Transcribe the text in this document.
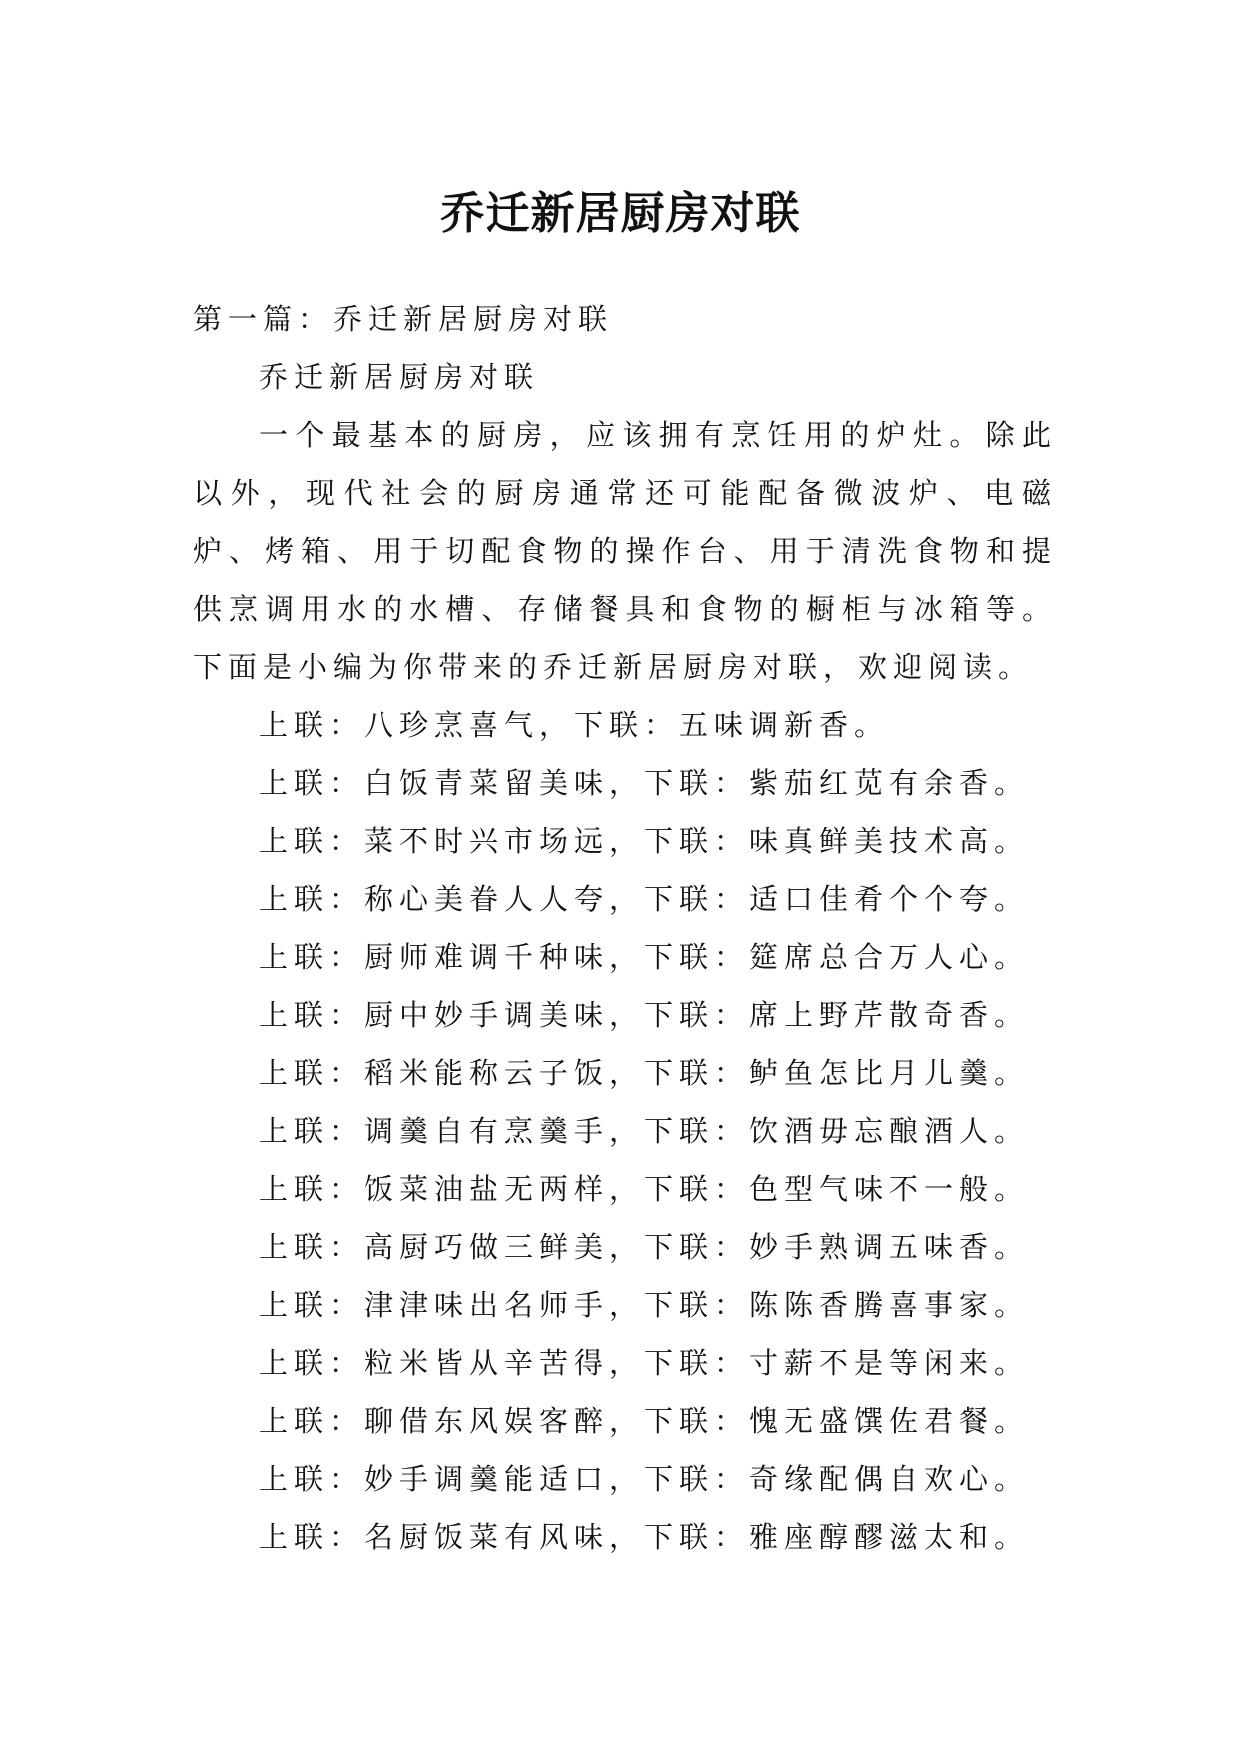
乔迁新居厨房对联

第一篇：乔迁新居厨房对联

乔迁新居厨房对联

一个最基本的厨房，应该拥有烹饪用的炉灶。除此以外，现代社会的厨房通常还可能配备微波炉、电磁炉、烤箱、用于切配食物的操作台、用于清洗食物和提供烹调用水的水槽、存储餐具和食物的橱柜与冰箱等。下面是小编为你带来的乔迁新居厨房对联，欢迎阅读。

上联：八珍烹喜气，下联：五味调新香。
上联：白饭青菜留美味，下联：紫茄红苋有余香。
上联：菜不时兴市场远，下联：味真鲜美技术高。
上联：称心美眷人人夸，下联：适口佳肴个个夸。
上联：厨师难调千种味，下联：筵席总合万人心。
上联：厨中妙手调美味，下联：席上野芹散奇香。
上联：稻米能称云子饭，下联：鲈鱼怎比月儿羹。
上联：调羹自有烹羹手，下联：饮酒毋忘酿酒人。
上联：饭菜油盐无两样，下联：色型气味不一般。
上联：高厨巧做三鲜美，下联：妙手熟调五味香。
上联：津津味出名师手，下联：陈陈香腾喜事家。
上联：粒米皆从辛苦得，下联：寸薪不是等闲来。
上联：聊借东风娱客醉，下联：愧无盛馔佐君餐。
上联：妙手调羹能适口，下联：奇缘配偶自欢心。
上联：名厨饭菜有风味，下联：雅座醇醪滋太和。
